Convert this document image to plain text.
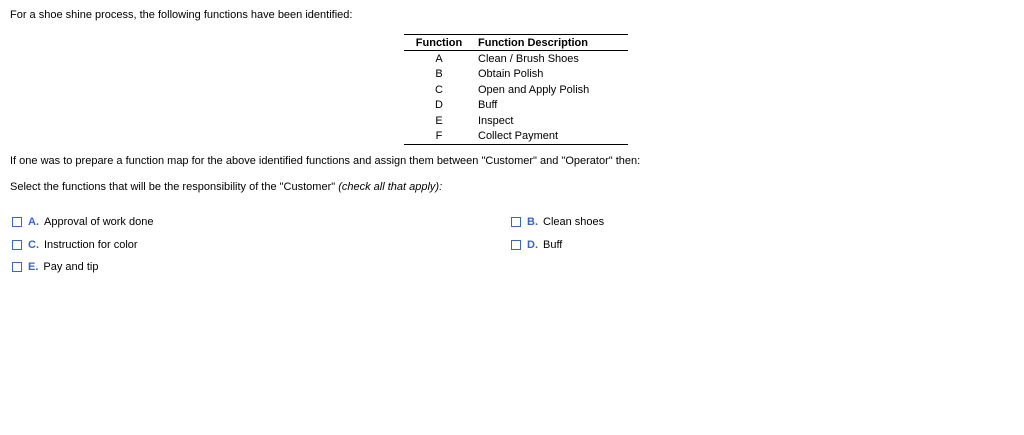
For a shoe shine process, the following functions have been identified:
Function	Function Description
A	Clean / Brush Shoes
B	Obtain Polish
C	Open and Apply Polish
D	Buff
E	Inspect
F	Collect Payment
If one was to prepare a function map for the above identified functions and assign them between "Customer" and "Operator" then:
Select the functions that will be the responsibility of the "Customer" (check all that apply):
A. Approval of work done	B. Clean shoes
C. Instruction for color	D. Buff
E. Pay and tip
